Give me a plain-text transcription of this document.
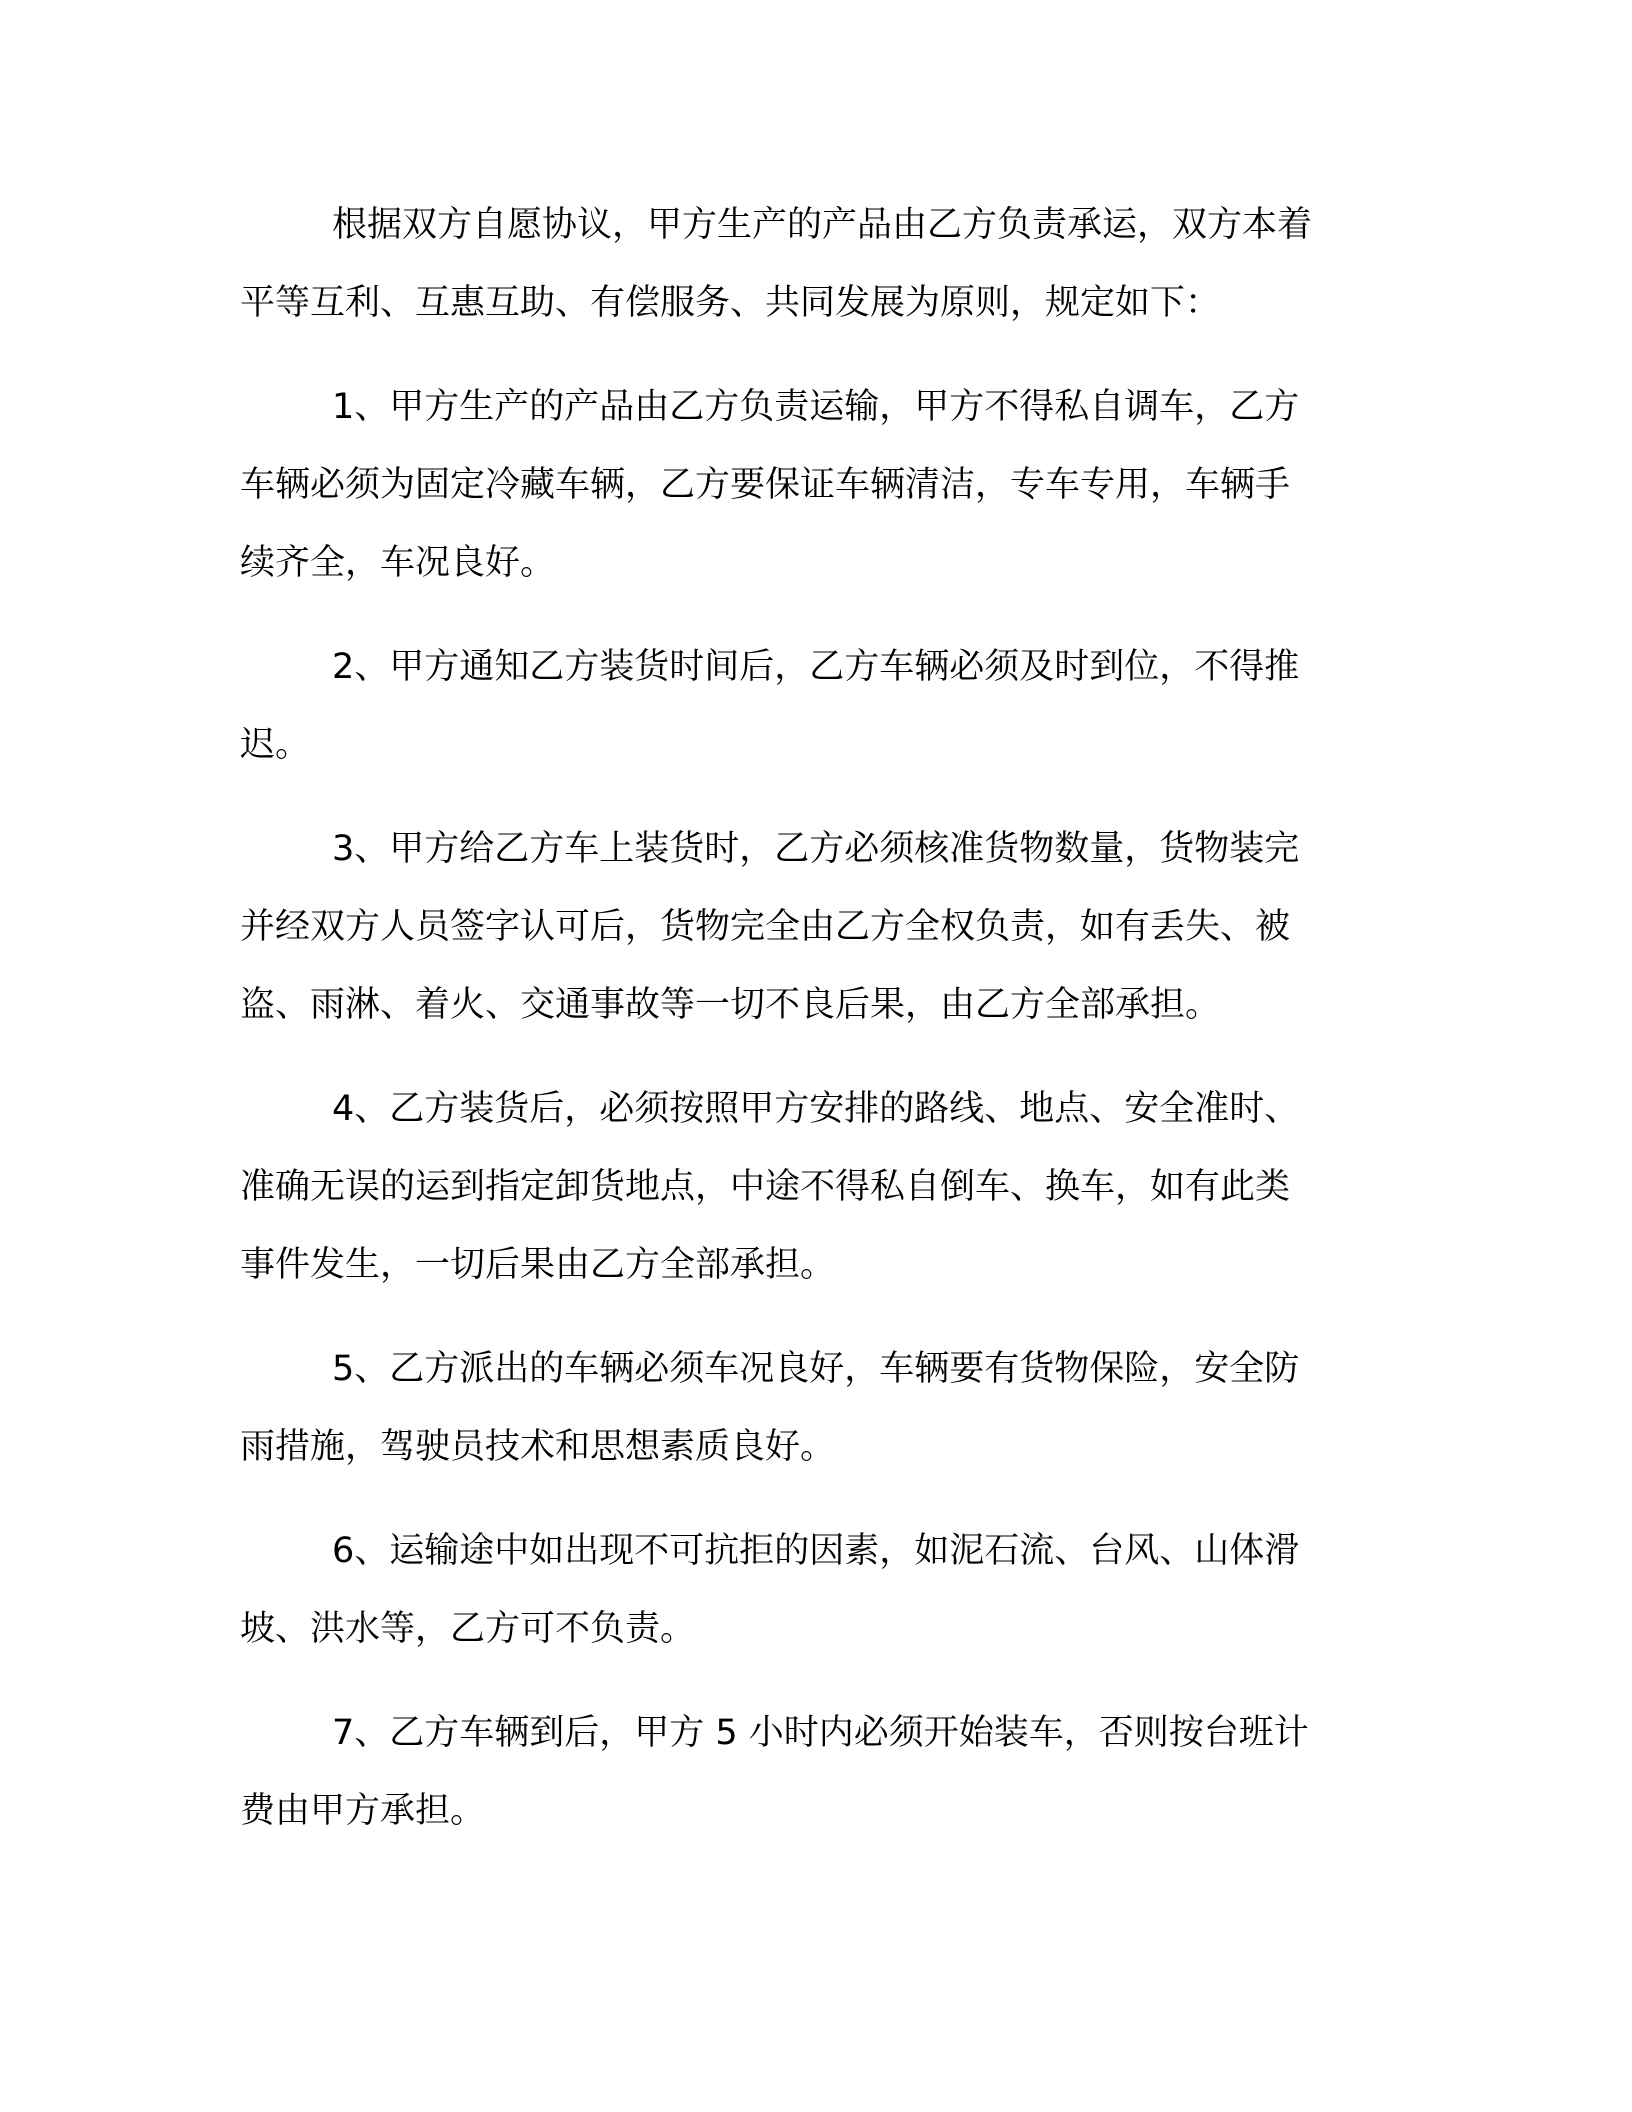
根据双方自愿协议，甲方生产的产品由乙方负责承运，双方本着
平等互利、互惠互助、有偿服务、共同发展为原则，规定如下：

1、甲方生产的产品由乙方负责运输，甲方不得私自调车，乙方
车辆必须为固定冷藏车辆，乙方要保证车辆清洁，专车专用，车辆手
续齐全，车况良好。

2、甲方通知乙方装货时间后，乙方车辆必须及时到位，不得推
迟。

3、甲方给乙方车上装货时，乙方必须核准货物数量，货物装完
并经双方人员签字认可后，货物完全由乙方全权负责，如有丢失、被
盗、雨淋、着火、交通事故等一切不良后果，由乙方全部承担。

4、乙方装货后，必须按照甲方安排的路线、地点、安全准时、
准确无误的运到指定卸货地点，中途不得私自倒车、换车，如有此类
事件发生，一切后果由乙方全部承担。

5、乙方派出的车辆必须车况良好，车辆要有货物保险，安全防
雨措施，驾驶员技术和思想素质良好。

6、运输途中如出现不可抗拒的因素，如泥石流、台风、山体滑
坡、洪水等，乙方可不负责。

7、乙方车辆到后，甲方 5 小时内必须开始装车，否则按台班计
费由甲方承担。
